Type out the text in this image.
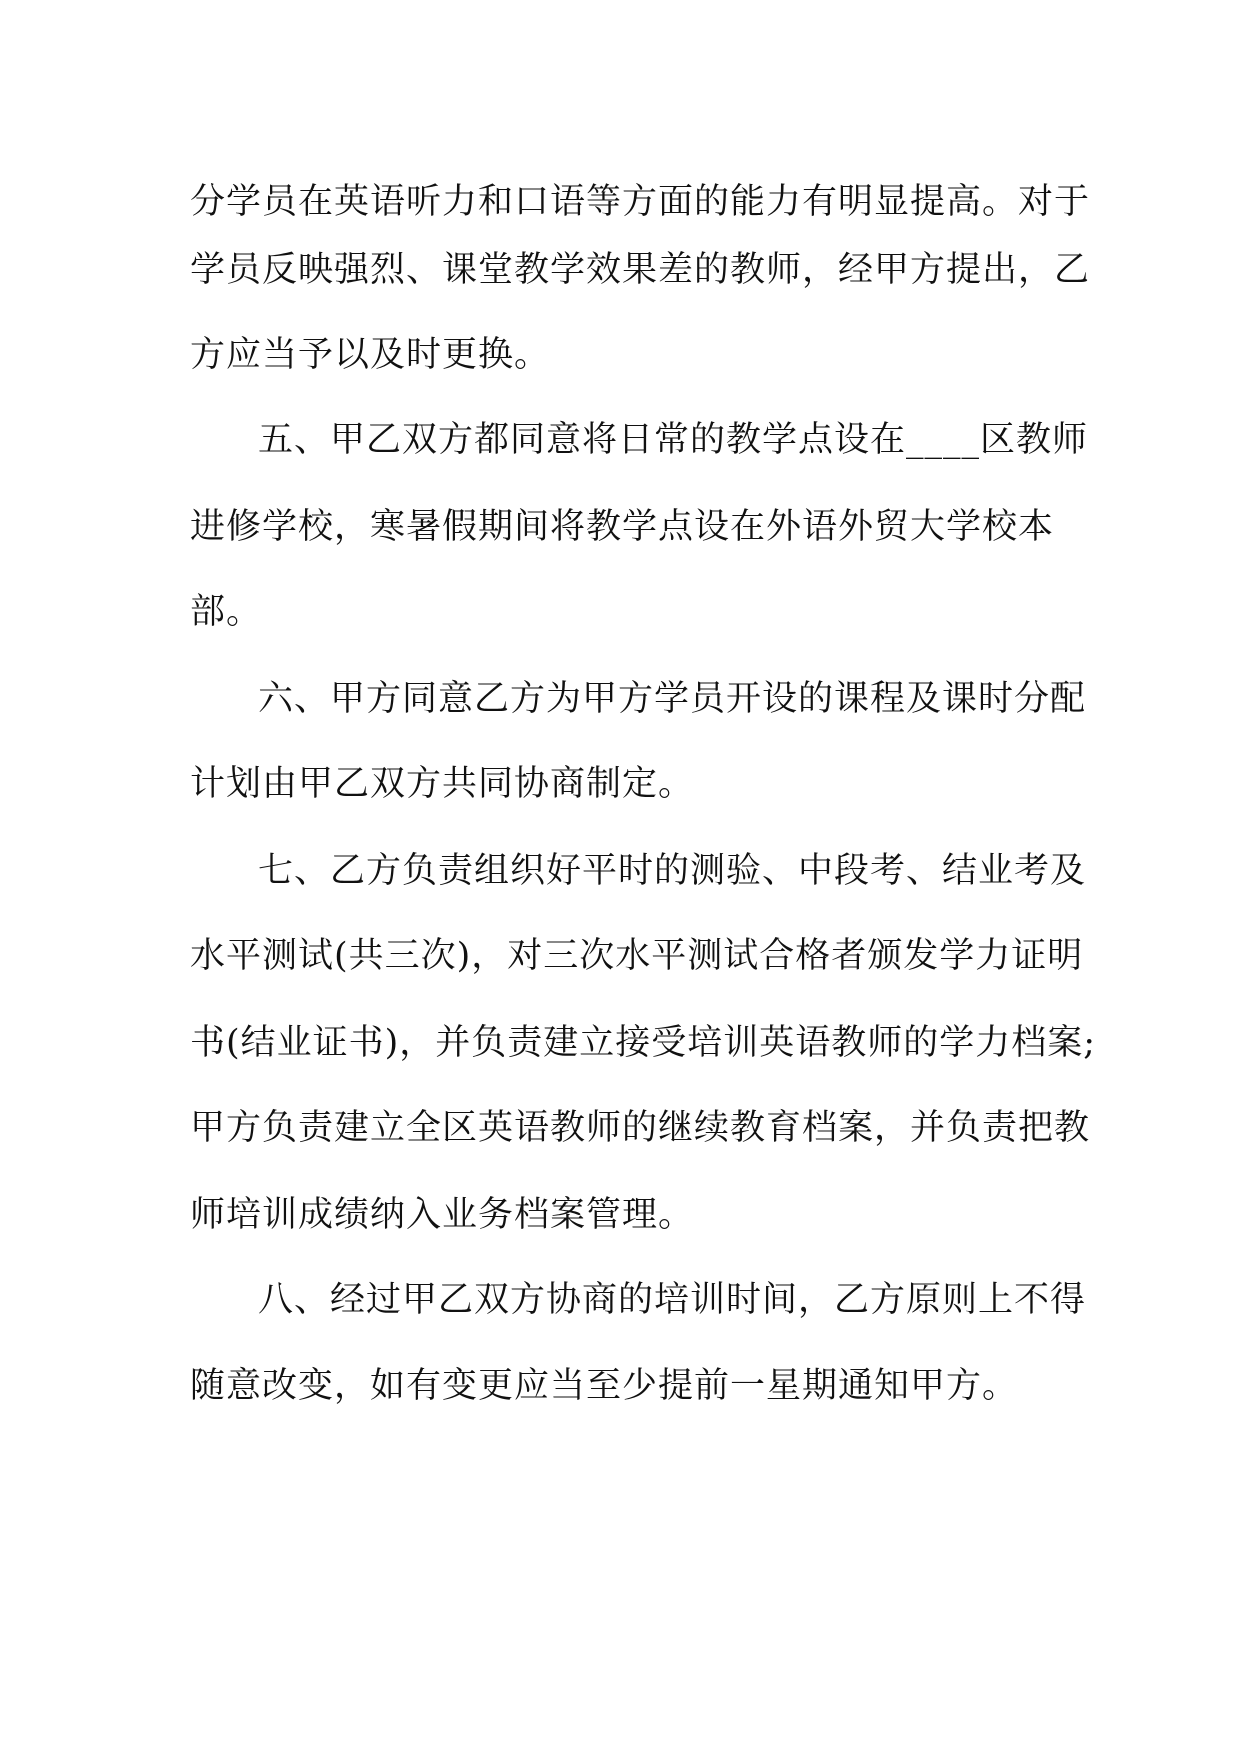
分学员在英语听力和口语等方面的能力有明显提高。对于

学员反映强烈、课堂教学效果差的教师，经甲方提出，乙

方应当予以及时更换。

五、甲乙双方都同意将日常的教学点设在____区教师

进修学校，寒暑假期间将教学点设在外语外贸大学校本

部。

六、甲方同意乙方为甲方学员开设的课程及课时分配

计划由甲乙双方共同协商制定。

七、乙方负责组织好平时的测验、中段考、结业考及

水平测试(共三次)，对三次水平测试合格者颁发学力证明

书(结业证书)，并负责建立接受培训英语教师的学力档案;

甲方负责建立全区英语教师的继续教育档案，并负责把教

师培训成绩纳入业务档案管理。

八、经过甲乙双方协商的培训时间，乙方原则上不得

随意改变，如有变更应当至少提前一星期通知甲方。
